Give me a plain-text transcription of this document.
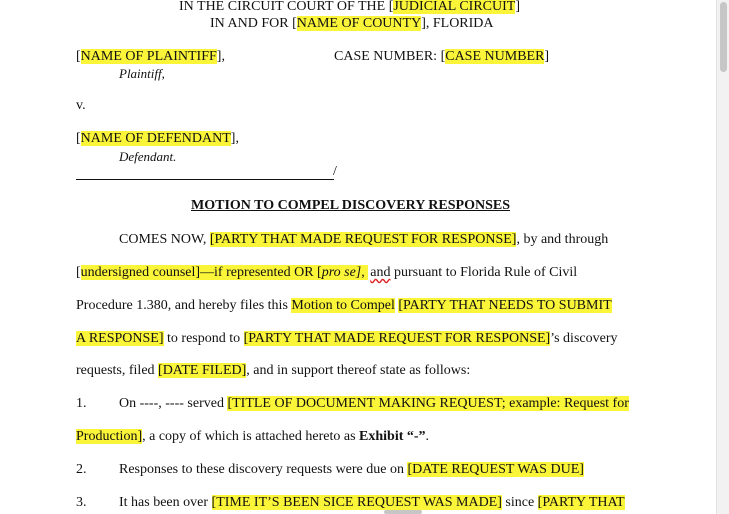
IN THE CIRCUIT COURT OF THE [JUDICIAL CIRCUIT]
IN AND FOR [NAME OF COUNTY], FLORIDA
[NAME OF PLAINTIFF],	CASE NUMBER: [CASE NUMBER]
Plaintiff,
v.
[NAME OF DEFENDANT],
Defendant.
/
MOTION TO COMPEL DISCOVERY RESPONSES
COMES NOW, [PARTY THAT MADE REQUEST FOR RESPONSE], by and through
[undersigned counsel]—if represented OR [pro se], and pursuant to Florida Rule of Civil
Procedure 1.380, and hereby files this Motion to Compel [PARTY THAT NEEDS TO SUBMIT
A RESPONSE] to respond to [PARTY THAT MADE REQUEST FOR RESPONSE]’s discovery
requests, filed [DATE FILED], and in support thereof state as follows:
1. On ----, ---- served [TITLE OF DOCUMENT MAKING REQUEST; example: Request for
Production], a copy of which is attached hereto as Exhibit “-”.
2. Responses to these discovery requests were due on [DATE REQUEST WAS DUE]
3. It has been over [TIME IT’S BEEN SICE REQUEST WAS MADE] since [PARTY THAT
